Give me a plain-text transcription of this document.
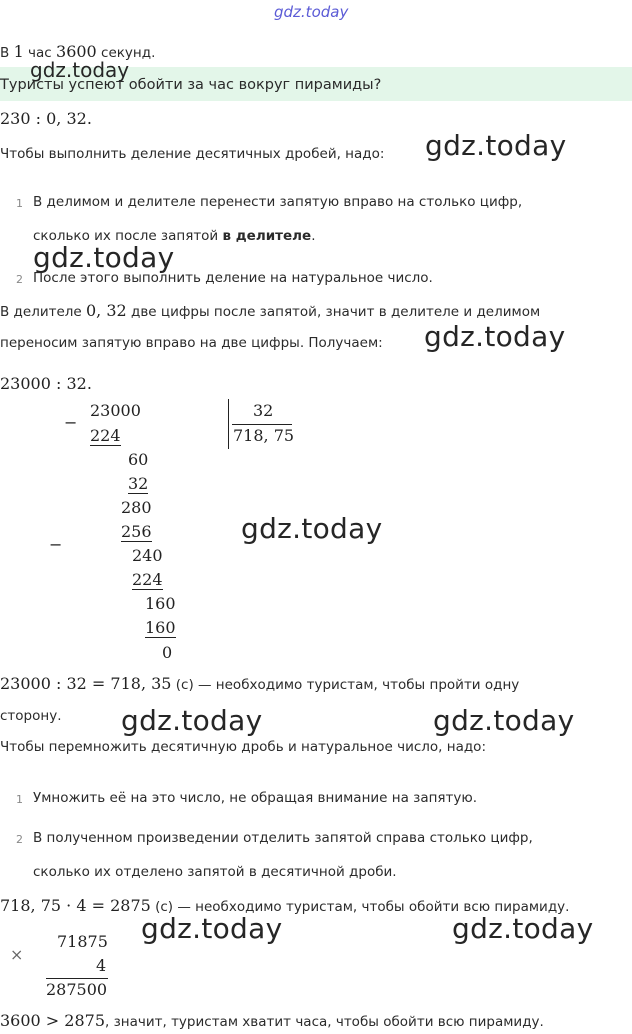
gdz.today
В 1 час 3600 секунд.
gdz.today
Туристы успеют обойти за час вокруг пирамиды?
230 : 0, 32.
Чтобы выполнить деление десятичных дробей, надо: gdz.today
1 В делимом и делителе перенести запятую вправо на столько цифр,
сколько их после запятой в делителе.
gdz.today
2 После этого выполнить деление на натуральное число.
В делителе 0, 32 две цифры после запятой, значит в делителе и делимом
переносим запятую вправо на две цифры. Получаем: gdz.today
23000 : 32.
−
23000
224
60
32
280
256
−
240
224
160
160
0
32
718, 75
gdz.today
23000 : 32 = 718, 35 (с) — необходимо туристам, чтобы пройти одну
сторону. gdz.today	gdz.today
Чтобы перемножить десятичную дробь и натуральное число, надо:
1 Умножить её на это число, не обращая внимание на запятую.
2 В полученном произведении отделить запятой справа столько цифр,
сколько их отделено запятой в десятичной дроби.
718, 75 · 4 = 2875 (с) — необходимо туристам, чтобы обойти всю пирамиду.
gdz.today	gdz.today
×
71875
4
287500
3600 > 2875, значит, туристам хватит часа, чтобы обойти всю пирамиду.
